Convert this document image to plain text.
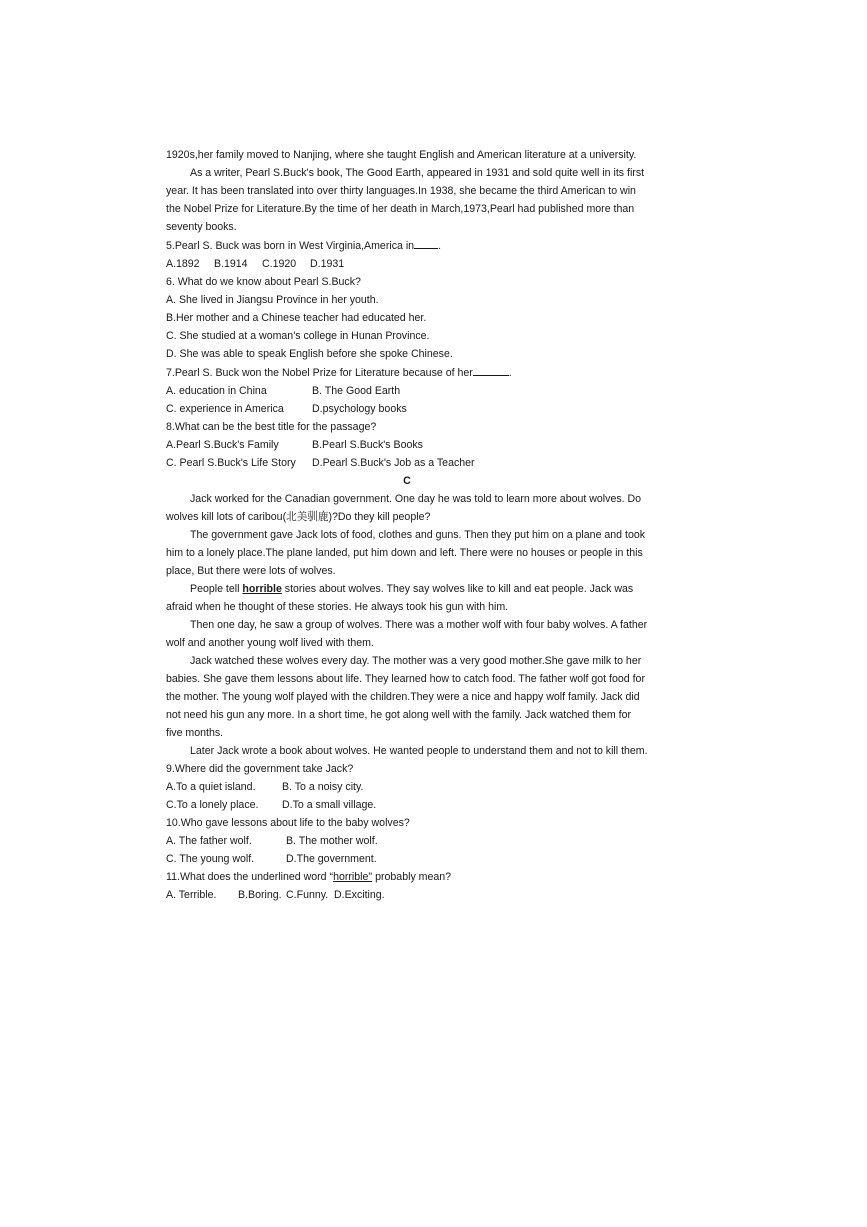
1920s,her family moved to Nanjing, where she taught English and American literature at a university.

As a writer, Pearl S.Buck's book, The Good Earth, appeared in 1931 and sold quite well in its first year. It has been translated into over thirty languages.In 1938, she became the third American to win the Nobel Prize for Literature.By the time of her death in March,1973,Pearl had published more than seventy books.

5.Pearl S. Buck was born in West Virginia,America in .

A.1892 B.1914 C.1920 D.1931

6. What do we know about Pearl S.Buck?

A. She lived in Jiangsu Province in her youth.

B.Her mother and a Chinese teacher had educated her.

C. She studied at a woman's college in Hunan Province.

D. She was able to speak English before she spoke Chinese.

7.Pearl S. Buck won the Nobel Prize for Literature because of her	.

A. education in China	B. The Good Earth

C. experience in America	D.psychology books

8.What can be the best title for the passage?

A.Pearl S.Buck's Family	B.Pearl S.Buck's Books

C. Pearl S.Buck's Life Story D.Pearl S.Buck's Job as a Teacher

C

Jack worked for the Canadian government. One day he was told to learn more about wolves. Do wolves kill lots of caribou(北美驯鹿)?Do they kill people?

The government gave Jack lots of food, clothes and guns. Then they put him on a plane and took him to a lonely place.The plane landed, put him down and left. There were no houses or people in this place, But there were lots of wolves.

People tell horrible stories about wolves. They say wolves like to kill and eat people. Jack was afraid when he thought of these stories. He always took his gun with him.

Then one day, he saw a group of wolves. There was a mother wolf with four baby wolves. A father wolf and another young wolf lived with them.

Jack watched these wolves every day. The mother was a very good mother.She gave milk to her babies. She gave them lessons about life. They learned how to catch food. The father wolf got food for the mother. The young wolf played with the children.They were a nice and happy wolf family. Jack did not need his gun any more. In a short time, he got along well with the family. Jack watched them for five months.

Later Jack wrote a book about wolves. He wanted people to understand them and not to kill them.

9.Where did the government take Jack?

A.To a quiet island. B. To a noisy city.

C.To a lonely place. D.To a small village.

10.Who gave lessons about life to the baby wolves?

A. The father wolf.	B. The mother wolf.

C. The young wolf.	D.The government.

11.What does the underlined word “horrible" probably mean?

A. Terrible. B.Boring. C.Funny. D.Exciting.
